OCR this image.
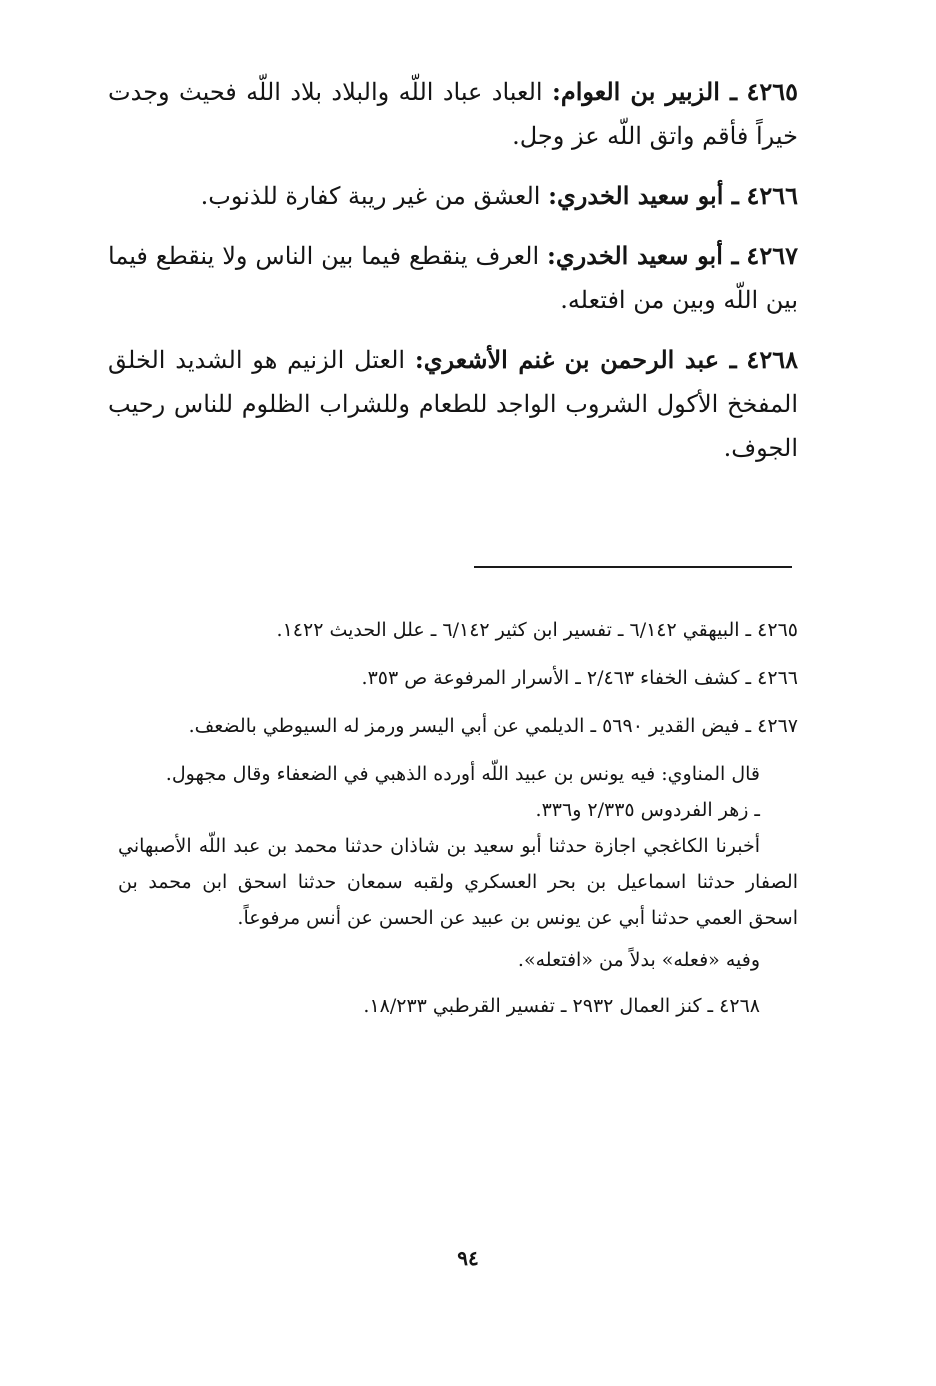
٤٢٦٥ ـ الزبير بن العوام: العباد عباد اللّه والبلاد بلاد اللّه فحيث وجدت خيراً فأقم واتق اللّه عز وجل.

٤٢٦٦ ـ أبو سعيد الخدري: العشق من غير ريبة كفارة للذنوب.

٤٢٦٧ ـ أبو سعيد الخدري: العرف ينقطع فيما بين الناس ولا ينقطع فيما بين اللّه وبين من افتعله.

٤٢٦٨ ـ عبد الرحمن بن غنم الأشعري: العتل الزنيم هو الشديد الخلق المفخخ الأكول الشروب الواجد للطعام وللشراب الظلوم للناس رحيب الجوف.

٤٢٦٥ ـ البيهقي ٦/١٤٢ ـ تفسير ابن كثير ٦/١٤٢ ـ علل الحديث ١٤٢٢.

٤٢٦٦ ـ كشف الخفاء ٢/٤٦٣ ـ الأسرار المرفوعة ص ٣٥٣.

٤٢٦٧ ـ فيض القدير ٥٦٩٠ ـ الديلمي عن أبي اليسر ورمز له السيوطي بالضعف.

قال المناوي: فيه يونس بن عبيد اللّه أورده الذهبي في الضعفاء وقال مجهول.

ـ زهر الفردوس ٢/٣٣٥ و٣٣٦.

أخبرنا الكاغجي اجازة حدثنا أبو سعيد بن شاذان حدثنا محمد بن عبد اللّه الأصبهاني الصفار حدثنا اسماعيل بن بحر العسكري ولقبه سمعان حدثنا اسحق ابن محمد بن اسحق العمي حدثنا أبي عن يونس بن عبيد عن الحسن عن أنس مرفوعاً.

وفيه «فعله» بدلاً من «افتعله».

٤٢٦٨ ـ كنز العمال ٢٩٣٢ ـ تفسير القرطبي ١٨/٢٣٣.

٩٤
